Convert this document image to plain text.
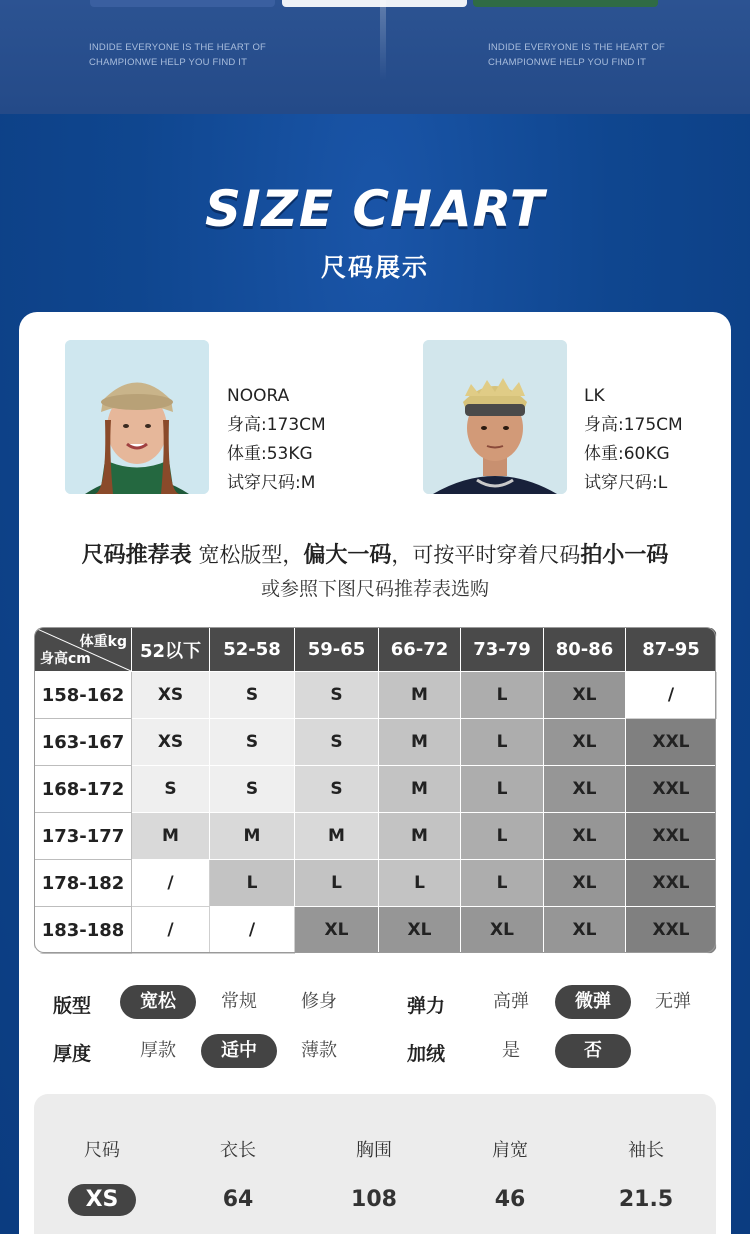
INDIDE EVERYONE IS THE HEART OF CHAMPIONWE HELP YOU FIND IT
INDIDE EVERYONE IS THE HEART OF CHAMPIONWE HELP YOU FIND IT
SIZE CHART
尺码展示
NOORA
身高:173CM
体重:53KG
试穿尺码:M
LK
身高:175CM
体重:60KG
试穿尺码:L
尺码推荐表 宽松版型，偏大一码，可按平时穿着尺码拍小一码
或参照下图尺码推荐表选购
体重kg
身高cm	52以下	52-58	59-65	66-72	73-79	80-86	87-95
158-162	XS	S	S	M	L	XL	/
163-167	XS	S	S	M	L	XL	XXL
168-172	S	S	S	M	L	XL	XXL
173-177	M	M	M	M	L	XL	XXL
178-182	/	L	L	L	L	XL	XXL
183-188	/	/	XL	XL	XL	XL	XXL
版型	宽松	常规	修身	弹力	高弹	微弹	无弹
厚度	厚款	适中	薄款	加绒	是	否
尺码	衣长	胸围	肩宽	袖长
XS	64	108	46	21.5
